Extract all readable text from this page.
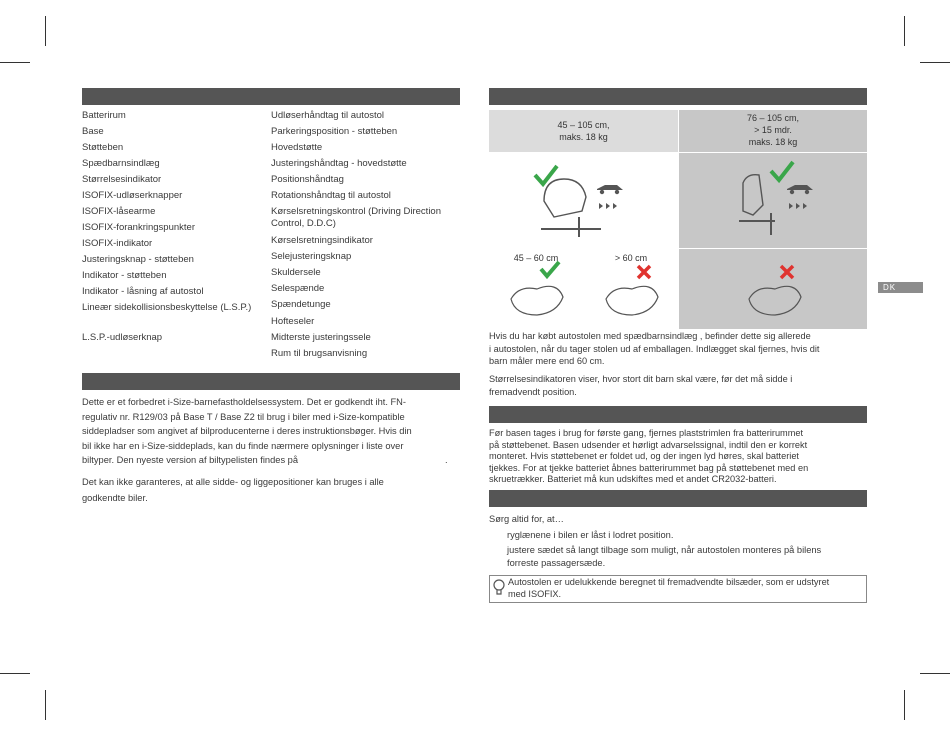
DK
Batterirum
Base
Støtteben
Spædbarnsindlæg
Størrelsesindikator
ISOFIX-udløserknapper
ISOFIX-låsearme
ISOFIX-forankringspunkter
ISOFIX-indikator
Justeringsknap - støtteben
Indikator - støtteben
Indikator - låsning af autostol
Lineær sidekollisionsbeskyttelse (L.S.P.)
L.S.P.-udløserknap
Udløserhåndtag til autostol
Parkeringsposition - støtteben
Hovedstøtte
Justeringshåndtag - hovedstøtte
Positionshåndtag
Rotationshåndtag til autostol
Kørselsretningskontrol (Driving Direction Control, D.D.C)
Kørselsretningsindikator
Selejusteringsknap
Skuldersele
Selespænde
Spændetunge
Hofteseler
Midterste justeringssele
Rum til brugsanvisning
Dette er et forbedret i-Size-barnefastholdelsessystem. Det er godkendt iht. FN-
regulativ nr. R129/03 på Base T / Base Z2 til brug i biler med i-Size-kompatible
siddepladser som angivet af bilproducenterne i deres instruktionsbøger. Hvis din
bil ikke har en i-Size-siddeplads, kan du finde nærmere oplysninger i liste over
biltyper. Den nyeste version af biltypelisten findes på	.
Det kan ikke garanteres, at alle sidde- og liggepositioner kan bruges i alle
godkendte biler.
45 – 105 cm,
maks. 18 kg
76 – 105 cm,
> 15 mdr.
maks. 18 kg
45 – 60 cm	> 60 cm
Hvis du har købt autostolen med spædbarnsindlæg , befinder dette sig allerede
i autostolen, når du tager stolen ud af emballagen. Indlægget skal fjernes, hvis dit
barn måler mere end 60 cm.
Størrelsesindikatoren viser, hvor stort dit barn skal være, før det må sidde i
fremadvendt position.
Før basen tages i brug for første gang, fjernes plaststrimlen fra batterirummet
på støttebenet. Basen udsender et hørligt advarselssignal, indtil den er korrekt
monteret. Hvis støttebenet er foldet ud, og der ingen lyd høres, skal batteriet
tjekkes. For at tjekke batteriet åbnes batterirummet bag på støttebenet med en
skruetrækker. Batteriet må kun udskiftes med et andet CR2032-batteri.
Sørg altid for, at…
ryglænene i bilen er låst i lodret position.
justere sædet så langt tilbage som muligt, når autostolen monteres på bilens
forreste passagersæde.
Autostolen er udelukkende beregnet til fremadvendte bilsæder, som er udstyret
med ISOFIX.
